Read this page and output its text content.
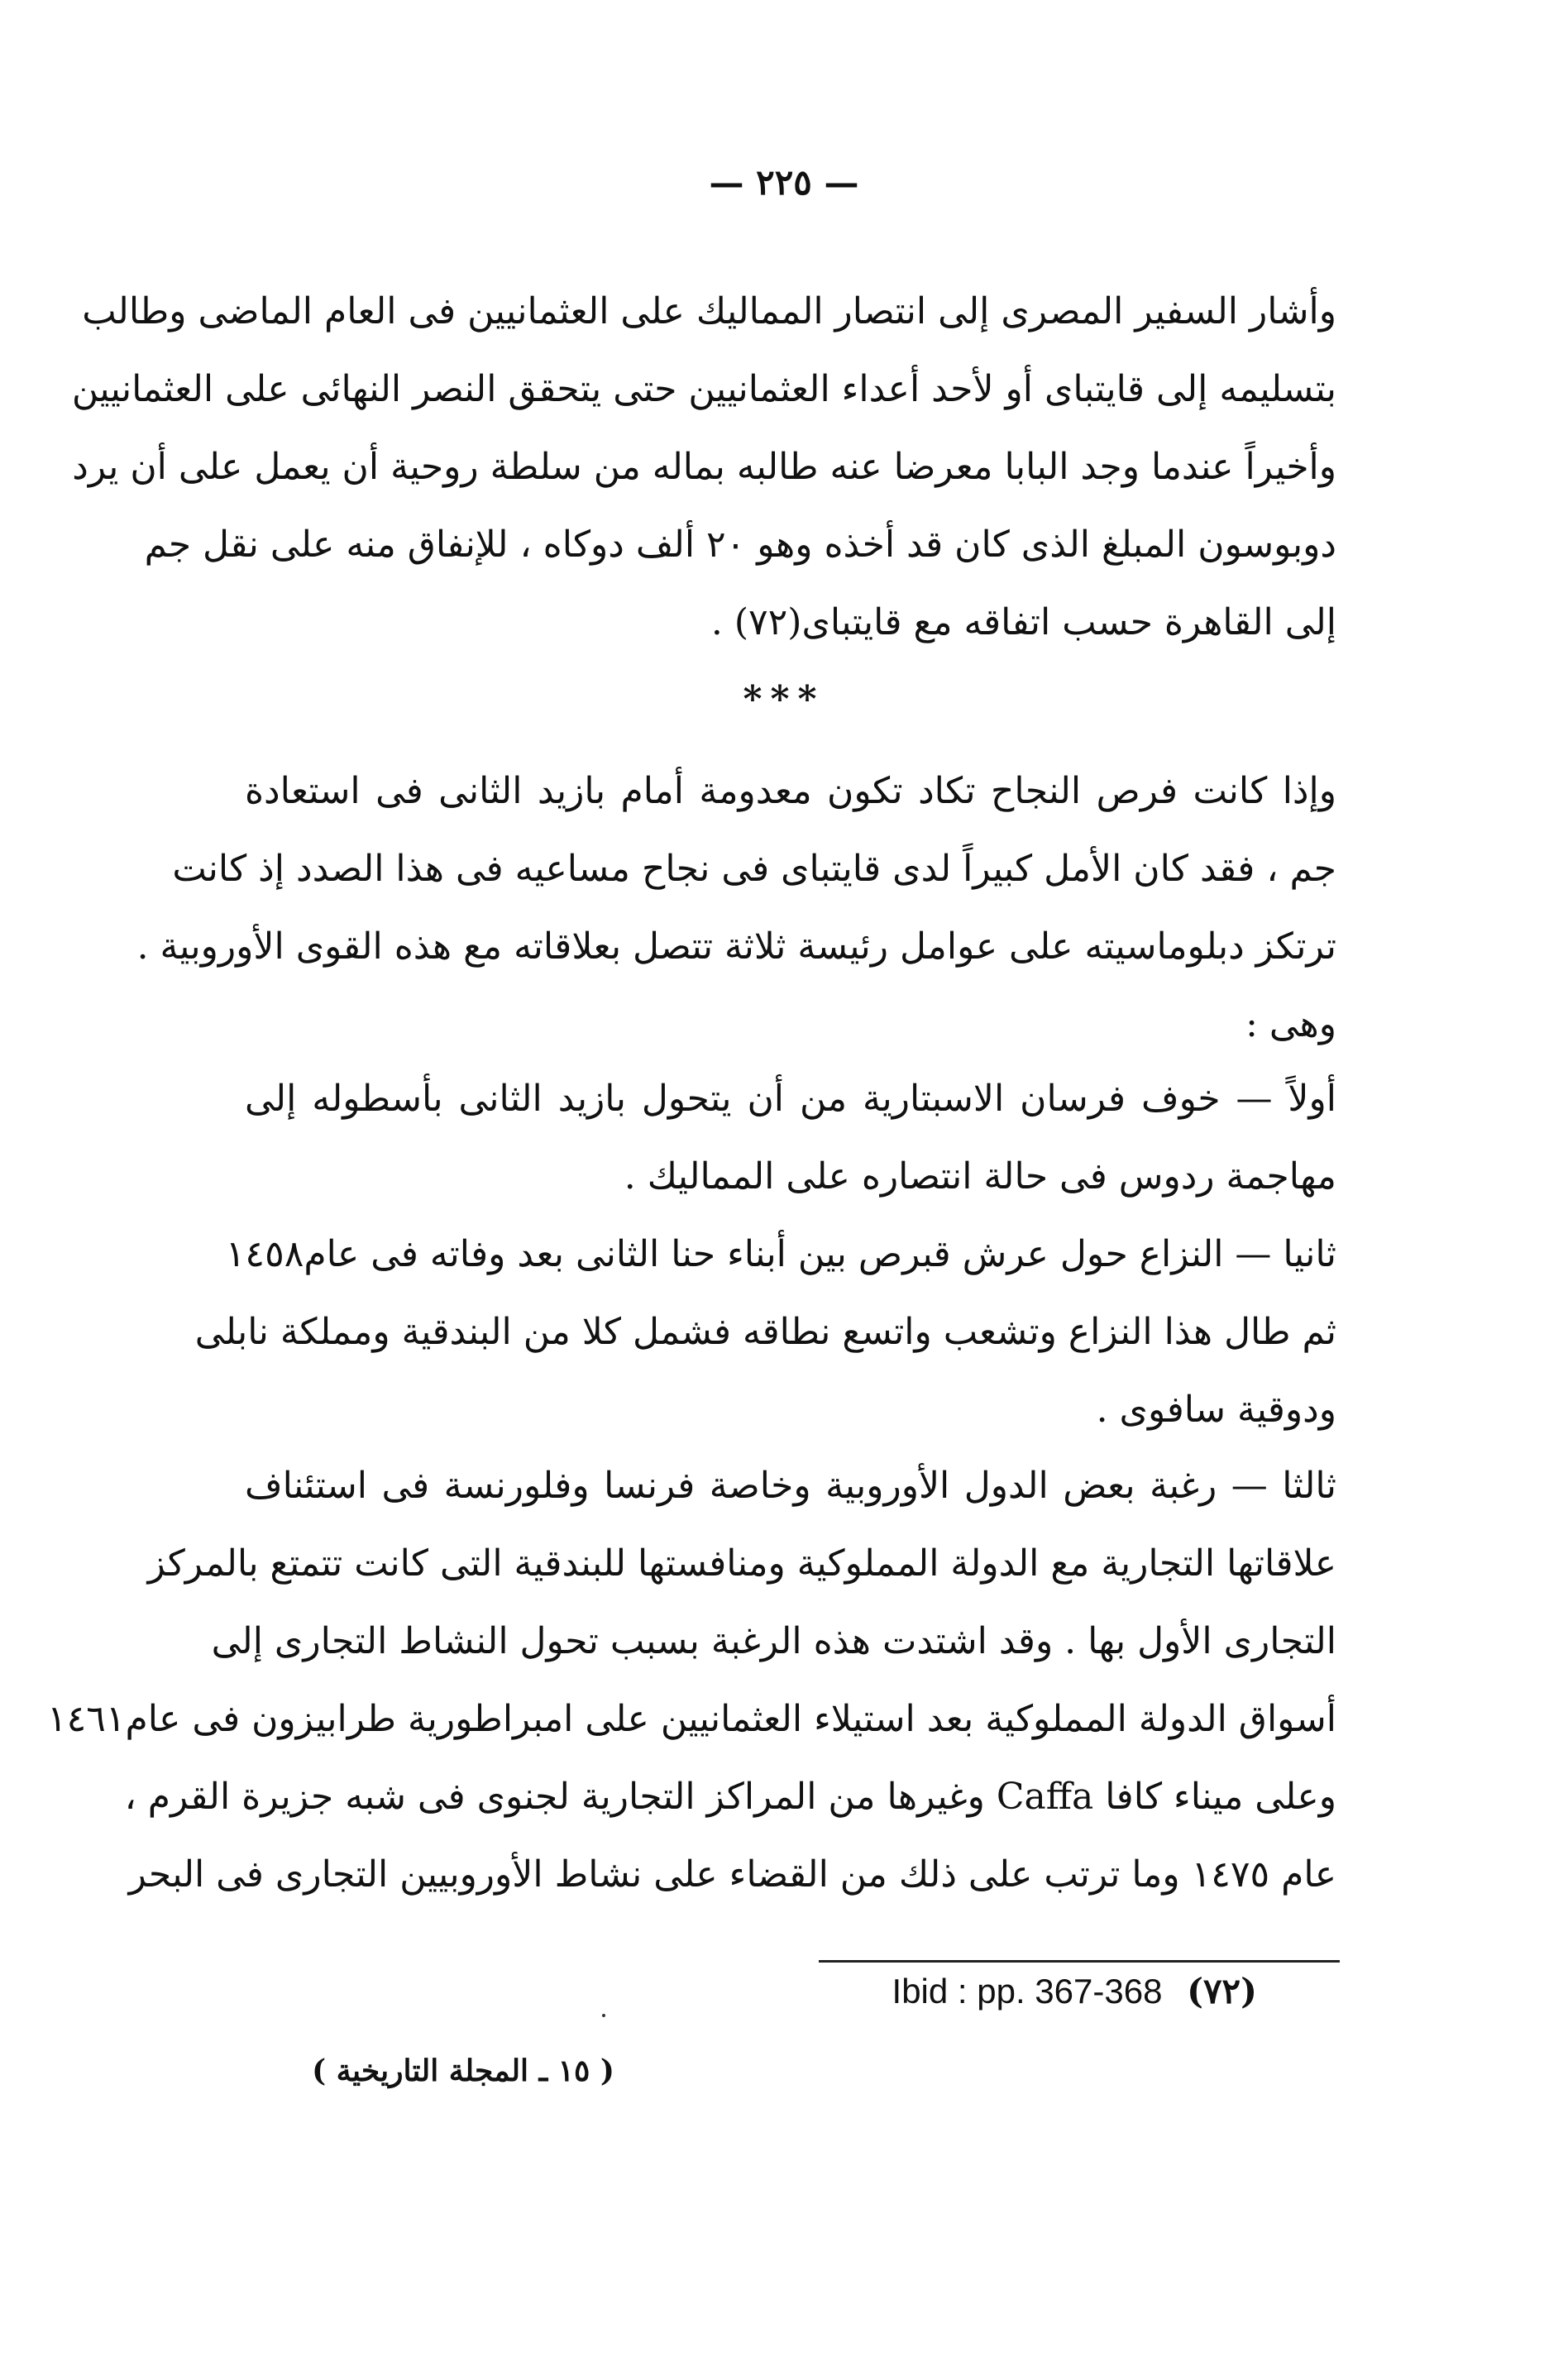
— ٢٢٥ —
وأشار السفير المصرى إلى انتصار المماليك على العثمانيين فى العام الماضى وطالب
بتسليمه إلى قايتباى أو لأحد أعداء العثمانيين حتى يتحقق النصر النهائى على العثمانيين
وأخيراً عندما وجد البابا معرضا عنه طالبه بماله من سلطة روحية أن يعمل على أن يرد
دوبوسون المبلغ الذى كان قد أخذه وهو ٢٠ ألف دوكاه ، للإنفاق منه على نقل جم
إلى القاهرة حسب اتفاقه مع قايتباى(٧٢) .
***
وإذا كانت فرص النجاح تكاد تكون معدومة أمام بازيد الثانى فى استعادة
جم ، فقد كان الأمل كبيراً لدى قايتباى فى نجاح مساعيه فى هذا الصدد إذ كانت
ترتكز دبلوماسيته على عوامل رئيسة ثلاثة تتصل بعلاقاته مع هذه القوى الأوروبية .
وهى :
أولاً — خوف فرسان الاسبتارية من أن يتحول بازيد الثانى بأسطوله إلى
مهاجمة ردوس فى حالة انتصاره على المماليك .
ثانيا — النزاع حول عرش قبرص بين أبناء حنا الثانى بعد وفاته فى عام١٤٥٨
ثم طال هذا النزاع وتشعب واتسع نطاقه فشمل كلا من البندقية ومملكة نابلى
ودوقية سافوى .
ثالثا — رغبة بعض الدول الأوروبية وخاصة فرنسا وفلورنسة فى استئناف
علاقاتها التجارية مع الدولة المملوكية ومنافستها للبندقية التى كانت تتمتع بالمركز
التجارى الأول بها . وقد اشتدت هذه الرغبة بسبب تحول النشاط التجارى إلى
أسواق الدولة المملوكية بعد استيلاء العثمانيين على امبراطورية طرابيزون فى عام١٤٦١
وعلى ميناء كافا Caffa وغيرها من المراكز التجارية لجنوى فى شبه جزيرة القرم ،
عام ١٤٧٥ وما ترتب على ذلك من القضاء على نشاط الأوروبيين التجارى فى البحر
Ibid : pp. 367-368 (٧٢)
( ١٥ ـ المجلة التاريخية )
